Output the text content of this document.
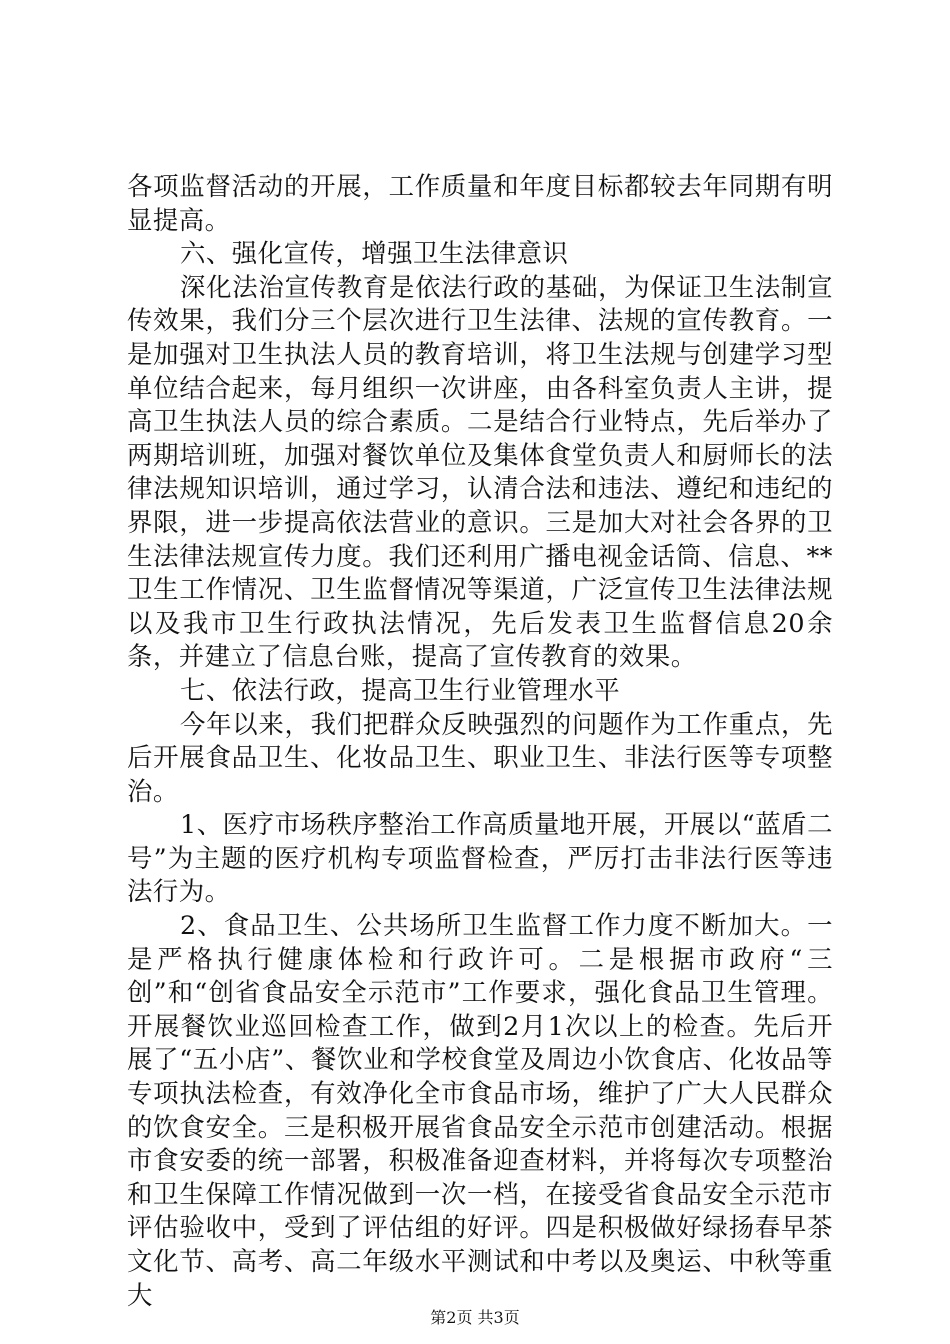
各项监督活动的开展，工作质量和年度目标都较去年同期有明显提高。

六、强化宣传，增强卫生法律意识

深化法治宣传教育是依法行政的基础，为保证卫生法制宣传效果，我们分三个层次进行卫生法律、法规的宣传教育。一是加强对卫生执法人员的教育培训，将卫生法规与创建学习型单位结合起来，每月组织一次讲座，由各科室负责人主讲，提高卫生执法人员的综合素质。二是结合行业特点，先后举办了两期培训班，加强对餐饮单位及集体食堂负责人和厨师长的法律法规知识培训，通过学习，认清合法和违法、遵纪和违纪的界限，进一步提高依法营业的意识。三是加大对社会各界的卫生法律法规宣传力度。我们还利用广播电视金话筒、信息、**卫生工作情况、卫生监督情况等渠道，广泛宣传卫生法律法规以及我市卫生行政执法情况，先后发表卫生监督信息20余条，并建立了信息台账，提高了宣传教育的效果。

七、依法行政，提高卫生行业管理水平

今年以来，我们把群众反映强烈的问题作为工作重点，先后开展食品卫生、化妆品卫生、职业卫生、非法行医等专项整治。

1、医疗市场秩序整治工作高质量地开展，开展以“蓝盾二号”为主题的医疗机构专项监督检查，严厉打击非法行医等违法行为。

2、食品卫生、公共场所卫生监督工作力度不断加大。一是严格执行健康体检和行政许可。二是根据市政府“三创”和“创省食品安全示范市”工作要求，强化食品卫生管理。开展餐饮业巡回检查工作，做到2月1次以上的检查。先后开展了“五小店”、餐饮业和学校食堂及周边小饮食店、化妆品等专项执法检查，有效净化全市食品市场，维护了广大人民群众的饮食安全。三是积极开展省食品安全示范市创建活动。根据市食安委的统一部署，积极准备迎查材料，并将每次专项整治和卫生保障工作情况做到一次一档，在接受省食品安全示范市评估验收中，受到了评估组的好评。四是积极做好绿扬春早茶文化节、高考、高二年级水平测试和中考以及奥运、中秋等重大

第2页 共3页
